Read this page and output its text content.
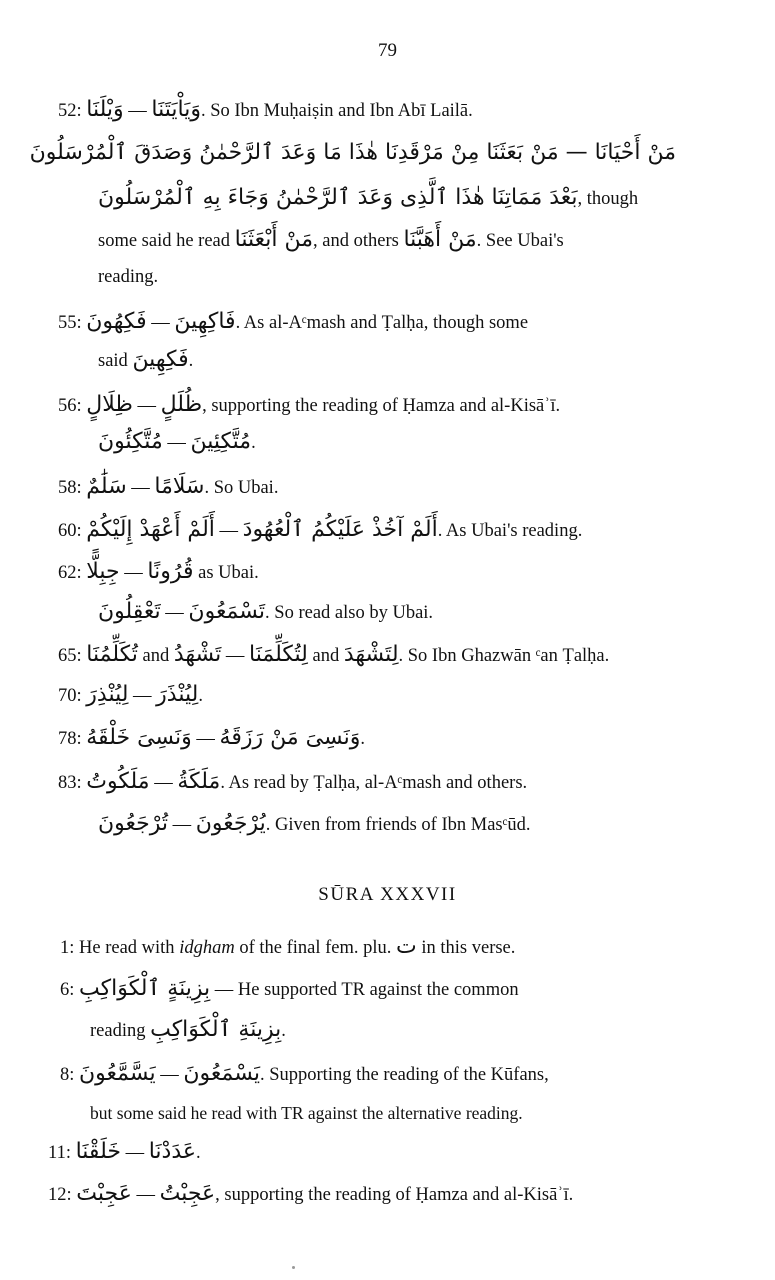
79
52: وَيْلَنَا — وَيَاْيَتَنَا. So Ibn Muḥaiṣin and Ibn Abī Lailā.
مَنْ أَحْيَانَا — مَنْ بَعَثَنَا مِنْ مَرْقَدِنَا هٰذَا مَا وَعَدَ ٱلرَّحْمٰنُ وَصَدَقَ ٱلْمُرْسَلُونَ
بَعْدَ مَمَاتِنَا هٰذَا ٱلَّذِى وَعَدَ ٱلرَّحْمٰنُ وَجَاءَ بِهِ ٱلْمُرْسَلُونَ, though
some said he read مَنْ أَبْعَثَنَا, and others مَنْ أَهَبَّنَا. See Ubai's
reading.
55: فَكِهُونَ — فَاكِهِينَ. As al-Aᶜmash and Ṭalḥa, though some
said فَكِهِينَ.
56: ظِلَالٍ — ظُلَلٍ, supporting the reading of Ḥamza and al-Kisāʾī.
مُتَّكِئُونَ — مُتَّكِئِينَ.
58: سَلَٰمٌ — سَلَامًا. So Ubai.
60: أَلَمْ أَعْهَدْ إِلَيْكُمْ — أَلَمْ آخُذْ عَلَيْكُمُ ٱلْعُهُودَ. As Ubai's reading.
62: جِبِلًّا — قُرُونًا as Ubai.
تَعْقِلُونَ — تَسْمَعُونَ. So read also by Ubai.
65: تُكَلِّمُنَا and تَشْهَدُ — لِتُكَلِّمَنَا and لِتَشْهَدَ. So Ibn Ghazwān ᶜan Ṭalḥa.
70: لِيُنْذِرَ — لِيُنْذَرَ.
78: وَنَسِىَ خَلْقَهُ — وَنَسِىَ مَنْ رَزَقَهُ.
83: مَلَكُوتُ — مَلَكَةُ. As read by Ṭalḥa, al-Aᶜmash and others.
تُرْجَعُونَ — يُرْجَعُونَ. Given from friends of Ibn Masᶜūd.
SŪRA XXXVII
1: He read with idgham of the final fem. plu. ت in this verse.
6: بِزِينَةٍ ٱلْكَوَاكِبِ — He supported TR against the common
reading بِزِينَةِ ٱلْكَوَاكِبِ.
8: يَسَّمَّعُونَ — يَسْمَعُونَ. Supporting the reading of the Kūfans,
but some said he read with TR against the alternative reading.
11: خَلَقْنَا — عَدَدْنَا.
12: عَجِبْتَ — عَجِبْتُ, supporting the reading of Ḥamza and al-Kisāʾī.
